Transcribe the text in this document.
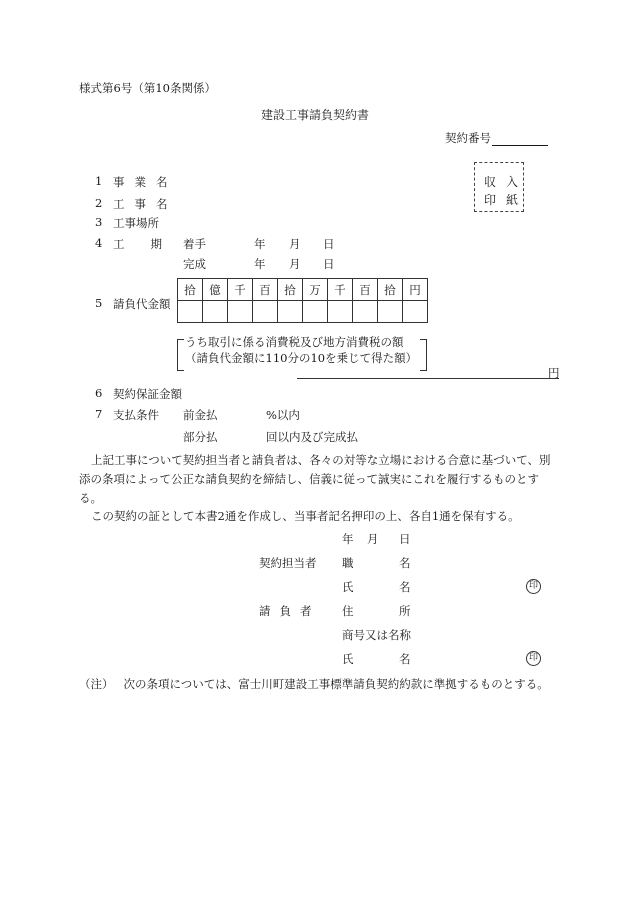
様式第6号（第10条関係）
建設工事請負契約書
契約番号
収 入
印 紙
1 事業名
2 工事名
3 工事場所
4 工期
着手	年 月 日
完成	年 月 日
5 請負代金額
拾	億	千	百	拾	万	千	百	拾	円

うち取引に係る消費税及び地方消費税の額
（請負代金額に110分の10を乗じて得た額）
円
6 契約保証金額
7 支払条件 前金払	%以内
部分払	回以内及び完成払
上記工事について契約担当者と請負者は、各々の対等な立場における合意に基づいて、別添の条項によって公正な請負契約を締結し、信義に従って誠実にこれを履行するものとする。
この契約の証として本書2通を作成し、当事者記名押印の上、各自1通を保有する。
年 月 日
契約担当者 職	名
氏	名	印
請負者 住	所
商号又は名称
氏	名	印
（注） 次の条項については、富士川町建設工事標準請負契約約款に準拠するものとする。
